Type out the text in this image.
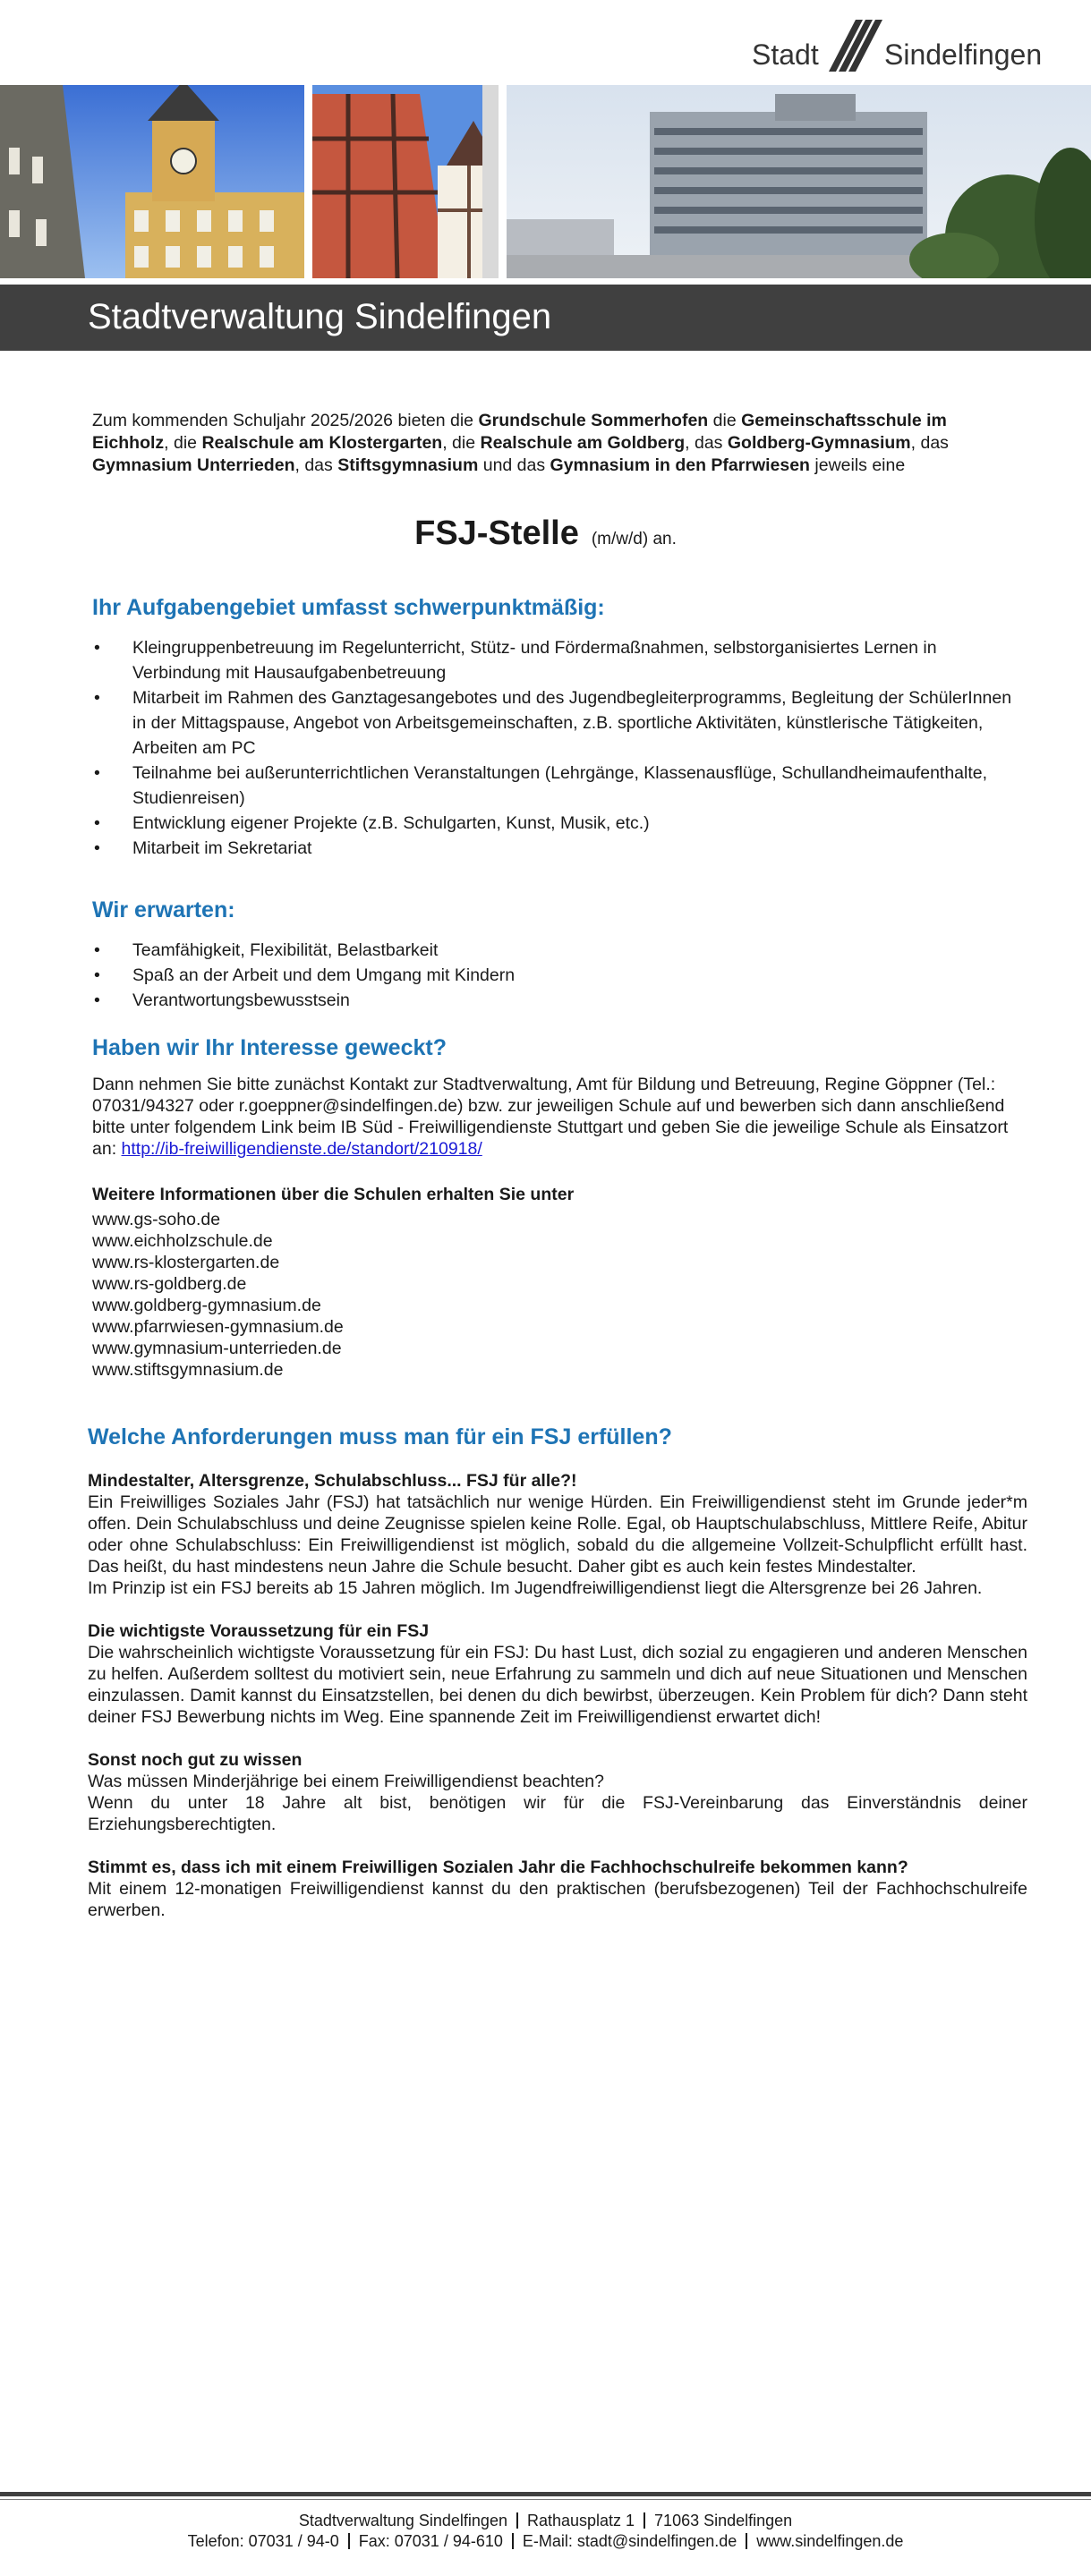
Stadt Sindelfingen
Stadtverwaltung Sindelfingen
Zum kommenden Schuljahr 2025/2026 bieten die Grundschule Sommerhofen die Gemeinschaftsschule im Eichholz, die Realschule am Klostergarten, die Realschule am Goldberg, das Goldberg-Gymnasium, das Gymnasium Unterrieden, das Stiftsgymnasium und das Gymnasium in den Pfarrwiesen jeweils eine
FSJ-Stelle (m/w/d) an.
Ihr Aufgabengebiet umfasst schwerpunktmäßig:
• Kleingruppenbetreuung im Regelunterricht, Stütz- und Fördermaßnahmen, selbstorganisiertes Lernen in Verbindung mit Hausaufgabenbetreuung
• Mitarbeit im Rahmen des Ganztagesangebotes und des Jugendbegleiterprogramms, Begleitung der SchülerInnen in der Mittagspause, Angebot von Arbeitsgemeinschaften, z.B. sportliche Aktivitäten, künstlerische Tätigkeiten, Arbeiten am PC
• Teilnahme bei außerunterrichtlichen Veranstaltungen (Lehrgänge, Klassenausflüge, Schullandheimaufenthalte, Studienreisen)
• Entwicklung eigener Projekte (z.B. Schulgarten, Kunst, Musik, etc.)
• Mitarbeit im Sekretariat
Wir erwarten:
• Teamfähigkeit, Flexibilität, Belastbarkeit
• Spaß an der Arbeit und dem Umgang mit Kindern
• Verantwortungsbewusstsein
Haben wir Ihr Interesse geweckt?

Dann nehmen Sie bitte zunächst Kontakt zur Stadtverwaltung, Amt für Bildung und Betreuung, Regine Göppner (Tel.: 07031/94327 oder r.goeppner@sindelfingen.de) bzw. zur jeweiligen Schule auf und bewerben sich dann anschließend bitte unter folgendem Link beim IB Süd - Freiwilligendienste Stuttgart und geben Sie die jeweilige Schule als Einsatzort an: http://ib-freiwilligendienste.de/standort/210918/

Weitere Informationen über die Schulen erhalten Sie unter

www.gs-soho.de
www.eichholzschule.de
www.rs-klostergarten.de
www.rs-goldberg.de
www.goldberg-gymnasium.de
www.pfarrwiesen-gymnasium.de
www.gymnasium-unterrieden.de
www.stiftsgymnasium.de
Welche Anforderungen muss man für ein FSJ erfüllen?

Mindestalter, Altersgrenze, Schulabschluss... FSJ für alle?!

Ein Freiwilliges Soziales Jahr (FSJ) hat tatsächlich nur wenige Hürden. Ein Freiwilligendienst steht im Grunde jeder*m offen. Dein Schulabschluss und deine Zeugnisse spielen keine Rolle. Egal, ob Hauptschulabschluss, Mittlere Reife, Abitur oder ohne Schulabschluss: Ein Freiwilligendienst ist möglich, sobald du die allgemeine Vollzeit-Schulpflicht erfüllt hast. Das heißt, du hast mindestens neun Jahre die Schule besucht. Daher gibt es auch kein festes Mindestalter.

Im Prinzip ist ein FSJ bereits ab 15 Jahren möglich. Im Jugendfreiwilligendienst liegt die Altersgrenze bei 26 Jahren.

Die wichtigste Voraussetzung für ein FSJ

Die wahrscheinlich wichtigste Voraussetzung für ein FSJ: Du hast Lust, dich sozial zu engagieren und anderen Menschen zu helfen. Außerdem solltest du motiviert sein, neue Erfahrung zu sammeln und dich auf neue Situationen und Menschen einzulassen. Damit kannst du Einsatzstellen, bei denen du dich bewirbst, überzeugen. Kein Problem für dich? Dann steht deiner FSJ Bewerbung nichts im Weg. Eine spannende Zeit im Freiwilligendienst erwartet dich!

Sonst noch gut zu wissen

Was müssen Minderjährige bei einem Freiwilligendienst beachten?

Wenn du unter 18 Jahre alt bist, benötigen wir für die FSJ-Vereinbarung das Einverständnis deiner Erziehungsberechtigten.

Stimmt es, dass ich mit einem Freiwilligen Sozialen Jahr die Fachhochschulreife bekommen kann?

Mit einem 12-monatigen Freiwilligendienst kannst du den praktischen (berufsbezogenen) Teil der Fachhochschulreife erwerben.

Stadtverwaltung Sindelfingen Rathausplatz 1 71063 Sindelfingen
Telefon: 07031 / 94-0 Fax: 07031 / 94-610 E-Mail: stadt@sindelfingen.de www.sindelfingen.de
